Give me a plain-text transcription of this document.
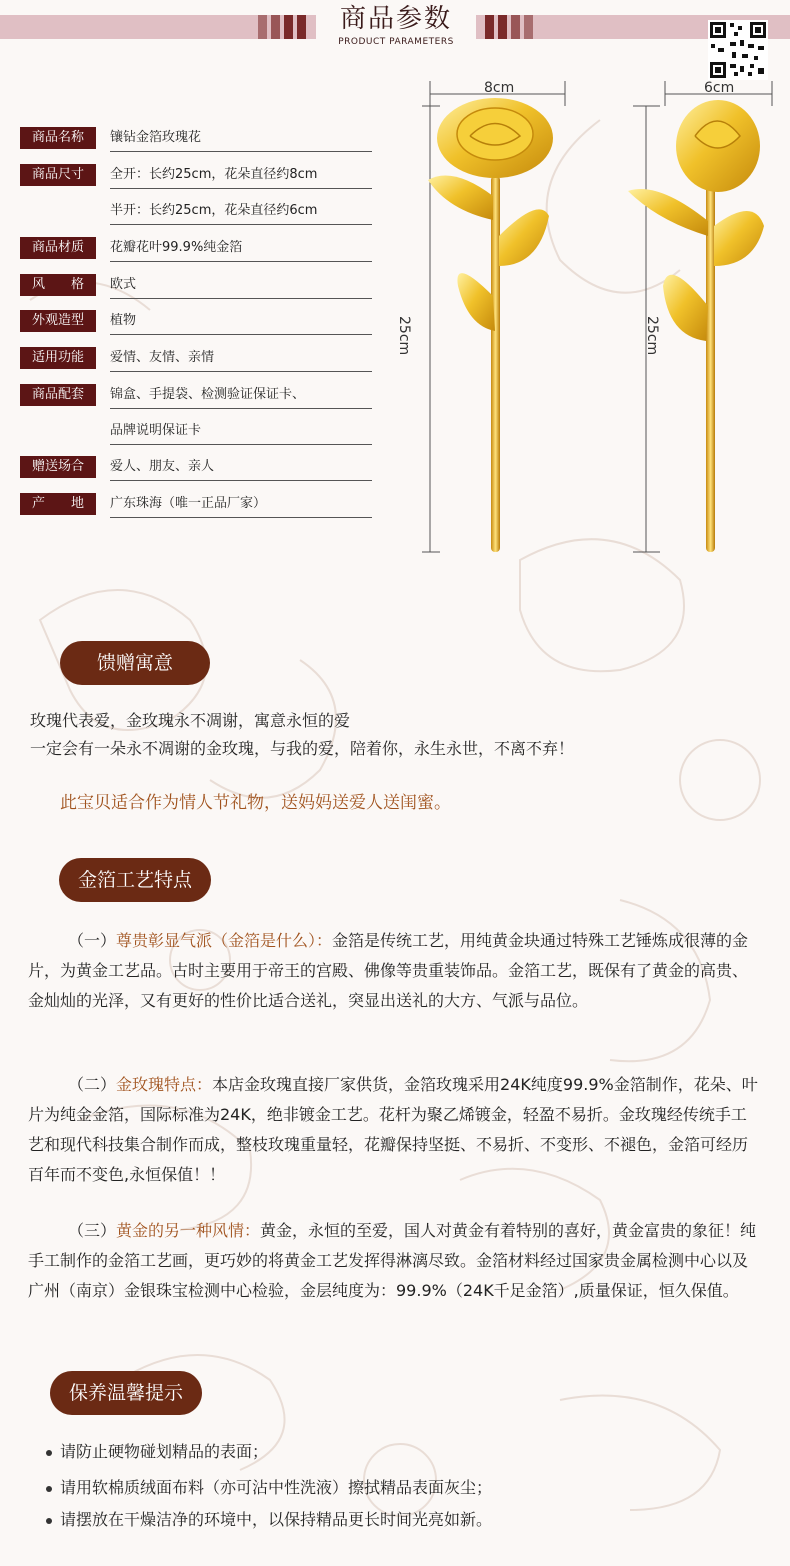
商品参数
PRODUCT PARAMETERS
商品名称	镶钻金箔玫瑰花
商品尺寸	全开：长约25cm，花朵直径约8cm
半开：长约25cm，花朵直径约6cm
商品材质	花瓣花叶99.9%纯金箔
风　　格	欧式
外观造型	植物
适用功能	爱情、友情、亲情
商品配套	锦盒、手提袋、检测验证保证卡、
品牌说明保证卡
赠送场合	爱人、朋友、亲人
产　　地	广东珠海（唯一正品厂家）
8cm
25cm
6cm
25cm
馈赠寓意
玫瑰代表爱，金玫瑰永不凋谢，寓意永恒的爱
一定会有一朵永不凋谢的金玫瑰，与我的爱，陪着你，永生永世，不离不弃！
此宝贝适合作为情人节礼物，送妈妈送爱人送闺蜜。
金箔工艺特点
（一）尊贵彰显气派（金箔是什么）：金箔是传统工艺，用纯黄金块通过特殊工艺锤炼成很薄的金片，为黄金工艺品。古时主要用于帝王的宫殿、佛像等贵重装饰品。金箔工艺，既保有了黄金的高贵、金灿灿的光泽，又有更好的性价比适合送礼，突显出送礼的大方、气派与品位。
（二）金玫瑰特点：本店金玫瑰直接厂家供货，金箔玫瑰采用24K纯度99.9%金箔制作，花朵、叶片为纯金金箔，国际标准为24K，绝非镀金工艺。花杆为聚乙烯镀金，轻盈不易折。金玫瑰经传统手工艺和现代科技集合制作而成，整枝玫瑰重量轻，花瓣保持坚挺、不易折、不变形、不褪色，金箔可经历百年而不变色,永恒保值！！
（三）黄金的另一种风情：黄金，永恒的至爱，国人对黄金有着特别的喜好，黄金富贵的象征！纯手工制作的金箔工艺画，更巧妙的将黄金工艺发挥得淋漓尽致。金箔材料经过国家贵金属检测中心以及广州（南京）金银珠宝检测中心检验，金层纯度为：99.9%（24K千足金箔）,质量保证，恒久保值。
保养温馨提示
请防止硬物碰划精品的表面；
请用软棉质绒面布料（亦可沾中性洗液）擦拭精品表面灰尘；
请摆放在干燥洁净的环境中，以保持精品更长时间光亮如新。
